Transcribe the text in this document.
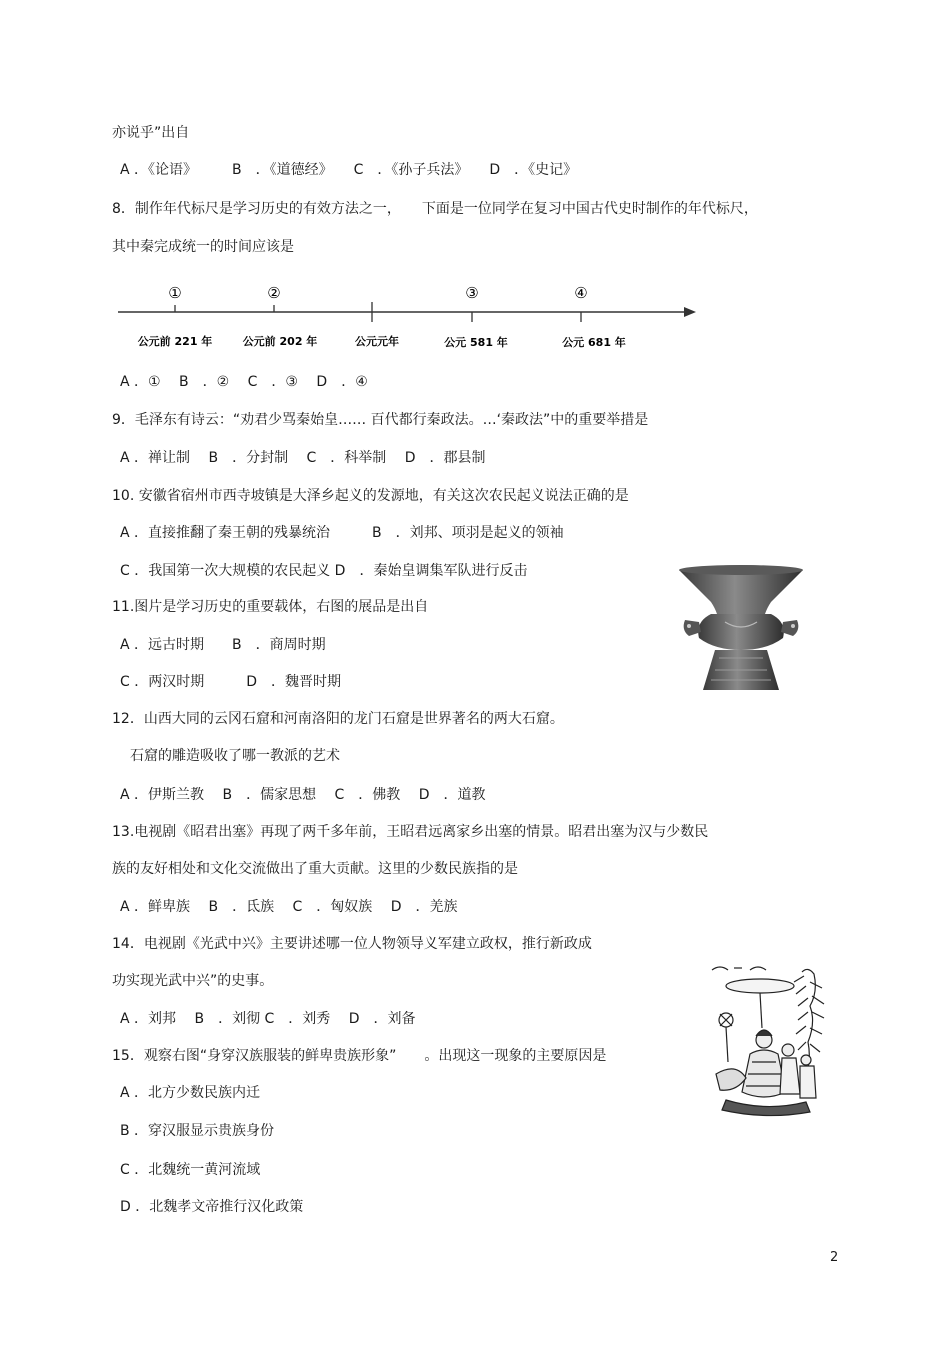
亦说乎”出自
A ．《论语》　　　B　．《道德经》　　C　．《孙子兵法》　　D　．《史记》
8．制作年代标尺是学习历史的有效方法之一，　　下面是一位同学在复习中国古代史时制作的年代标尺，
其中秦完成统一的时间应该是
①	②	③	④
公元前 221 年	公元前 202 年	公元元年	公元 581 年	公元 681 年
A ．①　 B　．②　 C　．③　 D　．④
9．毛泽东有诗云：“劝君少骂秦始皇…… 百代都行秦政法。…‘秦政法”中的重要举措是
A ．禅让制　 B　．分封制　 C　．科举制　 D　．郡县制
10. 安徽省宿州市西寺坡镇是大泽乡起义的发源地，有关这次农民起义说法正确的是
A ．直接推翻了秦王朝的残暴统治　　　B　．刘邦、项羽是起义的领袖
C ．我国第一次大规模的农民起义 D　．秦始皇调集军队进行反击
11.图片是学习历史的重要载体，右图的展品是出自
A ．远古时期　　B　．商周时期
C ．两汉时期　　　D　．魏晋时期
12．山西大同的云冈石窟和河南洛阳的龙门石窟是世界著名的两大石窟。
石窟的雕造吸收了哪一教派的艺术
A ．伊斯兰教　 B　．儒家思想　 C　．佛教　 D　．道教
13.电视剧《昭君出塞》再现了两千多年前，王昭君远离家乡出塞的情景。昭君出塞为汉与少数民
族的友好相处和文化交流做出了重大贡献。这里的少数民族指的是
A ．鲜卑族　 B　．氐族　 C　．匈奴族　 D　．羌族
14．电视剧《光武中兴》主要讲述哪一位人物领导义军建立政权，推行新政成
功实现光武中兴”的史事。
A ．刘邦　 B　．刘彻 C　．刘秀　 D　．刘备
15．观察右图“身穿汉族服装的鲜卑贵族形象”　　。出现这一现象的主要原因是
A ．北方少数民族内迁
B ．穿汉服显示贵族身份
C ．北魏统一黄河流域
D ．北魏孝文帝推行汉化政策
2
